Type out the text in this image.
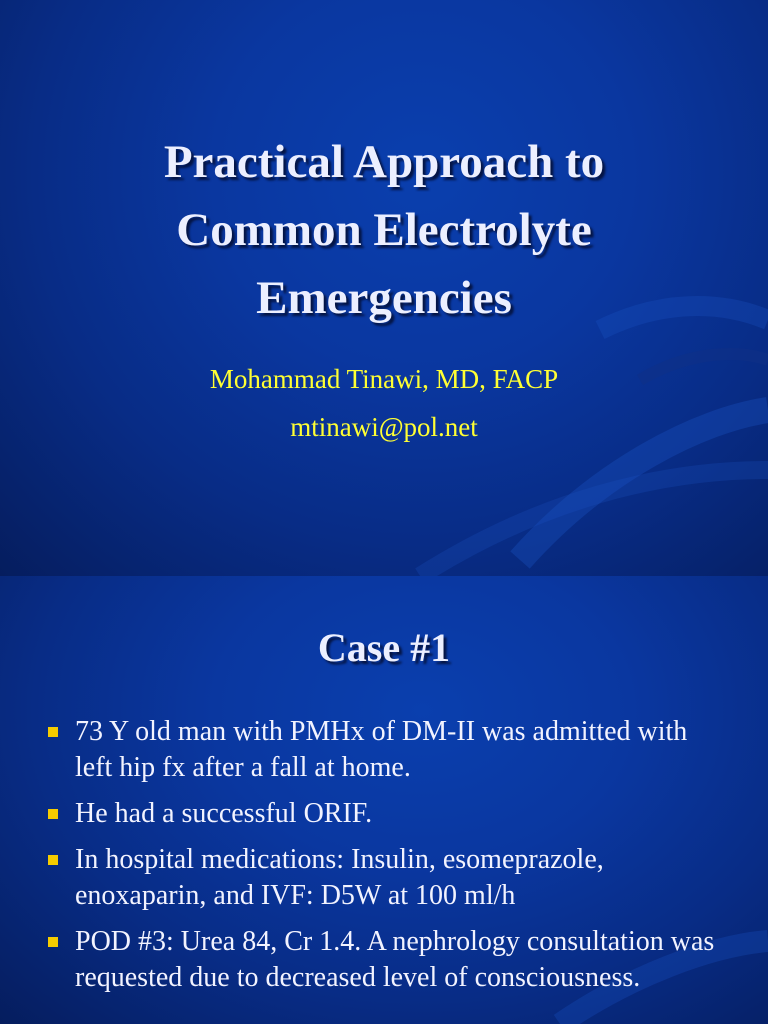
Practical Approach to
Common Electrolyte
Emergencies
Mohammad Tinawi, MD, FACP
mtinawi@pol.net
Case #1
73 Y old man with PMHx of DM-II was admitted with left hip fx after a fall at home.
He had a successful ORIF.
In hospital medications: Insulin, esomeprazole, enoxaparin, and IVF: D5W at 100 ml/h
POD #3: Urea 84, Cr 1.4. A nephrology consultation was requested due to decreased level of consciousness.
